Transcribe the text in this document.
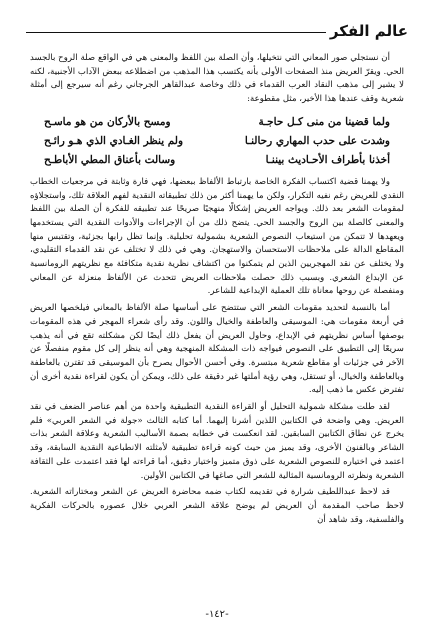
عالم الفكر

أن نستجلي صور المعاني التي نتخيلها، وأن الصلة بين اللفظ والمعنى هي في الواقع صلة الروح بالجسد الحي. ويقرّ العريض منذ الصفحات الأولى بأنه يكتسب هذا المذهب من اضطلاعه ببعض الآداب الأجنبية، لكنه لا يشير إلى مذهب النقاد العرب القدماء في ذلك وخاصة عبدالقاهر الجرجاني رغم أنه سيرجع إلى أمثلة شعرية وقف عندها هذا الأخير، مثل مقطوعة:

ولما قضينا من منى كـل حاجـة
ومسح بالأركان من هو ماسـح
وشدت على حدب المهاري رحالنـا
ولم ينظر الغـادي الذي هـو رائـح
أخذنا بأطراف الأحـاديث بيننـا
وسالت بأعناق المطي الأباطـح

ولا يهمنا قضية اكتساب الفكرة الخاصة بارتباط الألفاظ ببعضها، فهي فارة وثابتة في مرجعيات الخطاب النقدي للعريض رغم نفيه التكرار، ولكن ما يهمنا أكثر من ذلك تطبيقاته النقدية لفهم العلاقة تلك، واستجلاؤه لمقومات الشعر بعد ذلك. ويواجه العريض إشكالًا منهجيًا صريحًا عند تطبيقه للفكرة أن الصلة بين اللفظ والمعنى كالصلة بين الروح والجسد الحي. يتضح ذلك من أن الإجراءات والأدوات النقدية التي يستخدمها ويعهدها لا تتمكن من استيعاب النصوص الشعرية بشمولية تحليلية. وإنما تظل رابها بجزئية، وتقتبس منها المقاطع الدالة على ملاحظات الاستحسان والاستهجان. وهي في ذلك لا تختلف عن نقد القدماء التقليدي، ولا يختلف عن نقد المهجريين الذين لم يتمكنوا من اكتشاف نظرية نقدية متكافئة مع نظريتهم الرومانسية عن الإبداع الشعري. وبسبب ذلك حصلت ملاحظات العريض تتحدث عن الألفاظ منعزلة عن المعاني ومنفصلة عن روحها معاناة تلك العملية الإبداعية للشاعر.

أما بالنسبة لتحديد مقومات الشعر التي ستتضح على أساسها صلة الألفاظ بالمعاني فيلخصها العريض في أربعة مقومات هي: الموسيقى والعاطفة والخيال واللون. وقد رأى شعراء المهجر في هذه المقومات بوصفها أساس نظريتهم في الإبداع، وحاول العريض أن يفعل ذلك أيضًا لكن مشكلته تقع في أنه يذهب سريعًا إلى التطبيق على النصوص فيواجه ذات المشكلة المنهجية وهي أنه ينظر إلى كل مقوم منفصلًا عن الآخر في جزئيات أو مقاطع شعرية مبتسرة. وفي أحسن الأحوال يصرح بأن الموسيقى قد تقترن بالعاطفة وبالعاطفة والخيال، أو تستقل، وهي رؤية أملتها غير دقيقة على ذلك، ويمكن أن يكون لقراءة نقدية أخرى أن تفترض عكس ما ذهب إليه.

لقد طلت مشكلة شمولية التحليل أو القراءة النقدية التطبيقية واحدة من أهم عناصر الضعف في نقد العريض. وهي واضحة في الكتابين اللذين أشرنا إليهما. أما كتابه الثالث «جولة في الشعر العربي» فلم يخرج عن نطاق الكتابين السابقين. لقد انعكست في خطابه بصمة الأساليب الشعرية وعلاقة الشعر بذات الشاعر وبالفنون الأخرى، وقد يميز من حيث كونه قراءة تطبيقية لأمثلته الانطباعية النقدية السابقة، وقد اعتمد في اختياره للنصوص الشعرية على ذوق متميز واختيار دقيق، أما قراءته لها فقد اعتمدت على الثقافة الشعرية ونظرته الرومانسية المثالية للشعر التي صاغها في الكتابين الأولين.

قد لاحظ عبداللطيف شرارة في تقديمه لكتاب ضمه محاضرة العريض عن الشعر ومختاراته الشعرية. لاحظ صاحب المقدمة أن العريض لم يوضح علاقة الشعر العربي خلال عصوره بالحركات الفكرية والفلسفية، وقد شاهد أن

-١٤٢-
